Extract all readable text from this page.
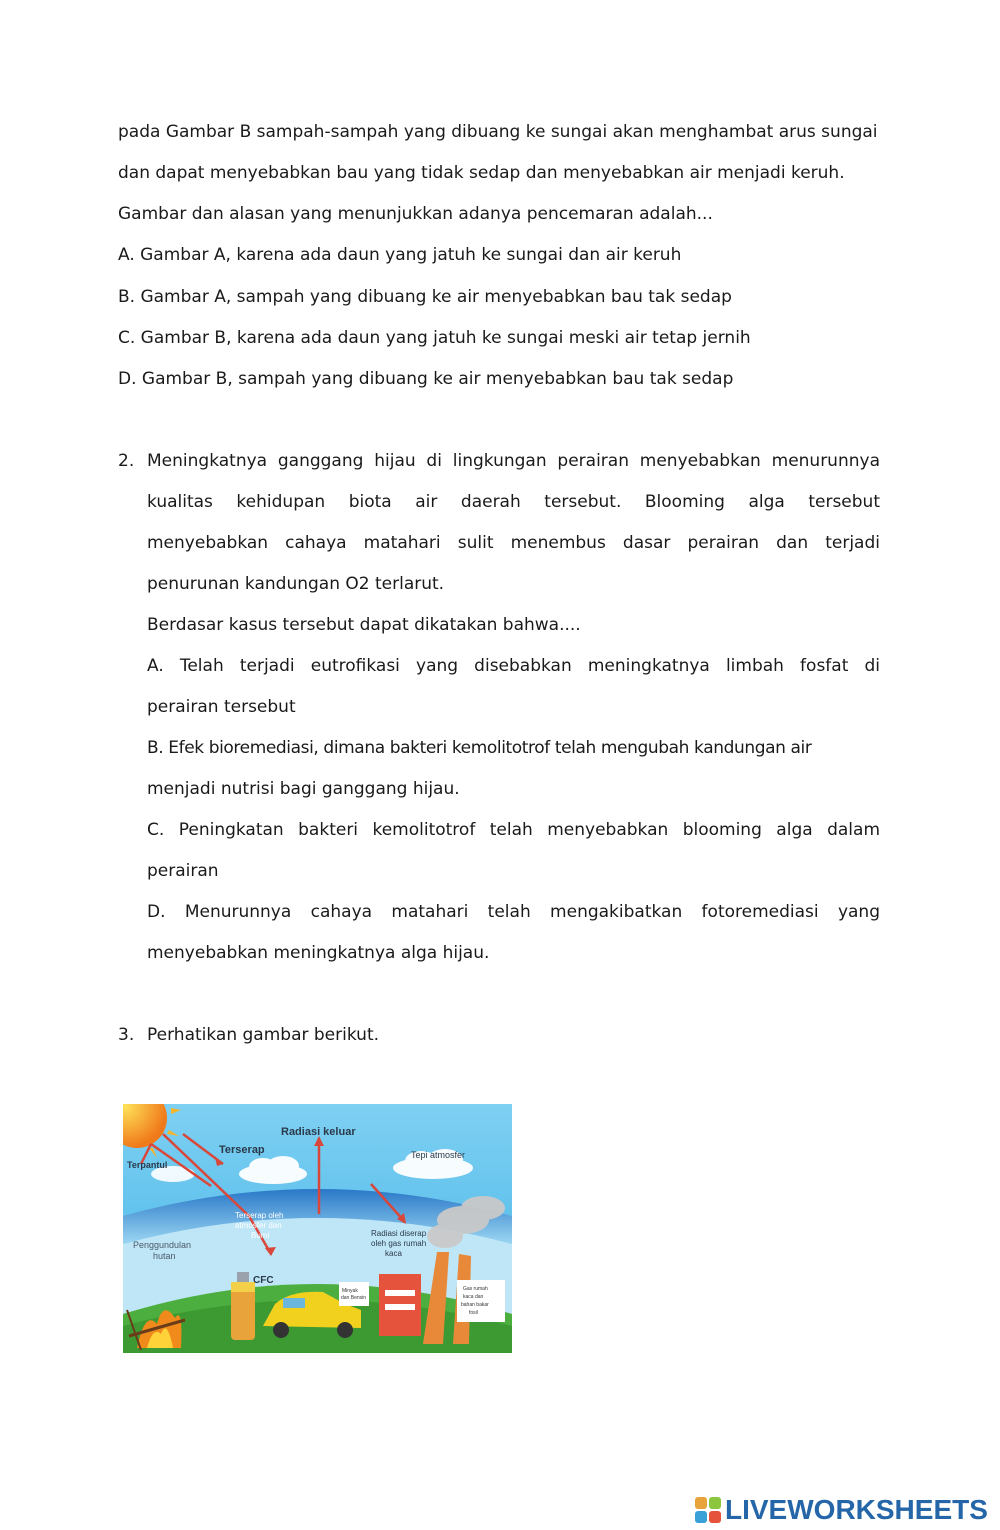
pada Gambar B sampah-sampah yang dibuang ke sungai akan menghambat arus sungai
dan dapat menyebabkan bau yang tidak sedap dan menyebabkan air menjadi keruh.
Gambar dan alasan yang menunjukkan adanya pencemaran adalah...
A. Gambar A, karena ada daun yang jatuh ke sungai dan air keruh
B. Gambar A, sampah yang dibuang ke air menyebabkan bau tak sedap
C. Gambar B, karena ada daun yang jatuh ke sungai meski air tetap jernih
D. Gambar B, sampah yang dibuang ke air menyebabkan bau tak sedap
2. Meningkatnya ganggang hijau di lingkungan perairan menyebabkan menurunnya
kualitas kehidupan biota air daerah tersebut. Blooming alga tersebut
menyebabkan cahaya matahari sulit menembus dasar perairan dan terjadi
penurunan kandungan O2 terlarut.
Berdasar kasus tersebut dapat dikatakan bahwa....
A. Telah terjadi eutrofikasi yang disebabkan meningkatnya limbah fosfat di
perairan tersebut
B. Efek bioremediasi, dimana bakteri kemolitotrof telah mengubah kandungan air
menjadi nutrisi bagi ganggang hijau.
C. Peningkatan bakteri kemolitotrof telah menyebabkan blooming alga dalam
perairan
D. Menurunnya cahaya matahari telah mengakibatkan fotoremediasi yang
menyebabkan meningkatnya alga hijau.
3. Perhatikan gambar berikut.
Radiasi keluar
Terserap
Terpantul
Tepi atmosfer
Terserap oleh
atmosfer dan
Bumi	Radiasi diserap
oleh gas rumah
kaca
Penggundulan
hutan
CFC
Minyak
dan Bensin
Gas rumah
kaca dan
bahan bakar
fosil
LIVEWORKSHEETS
